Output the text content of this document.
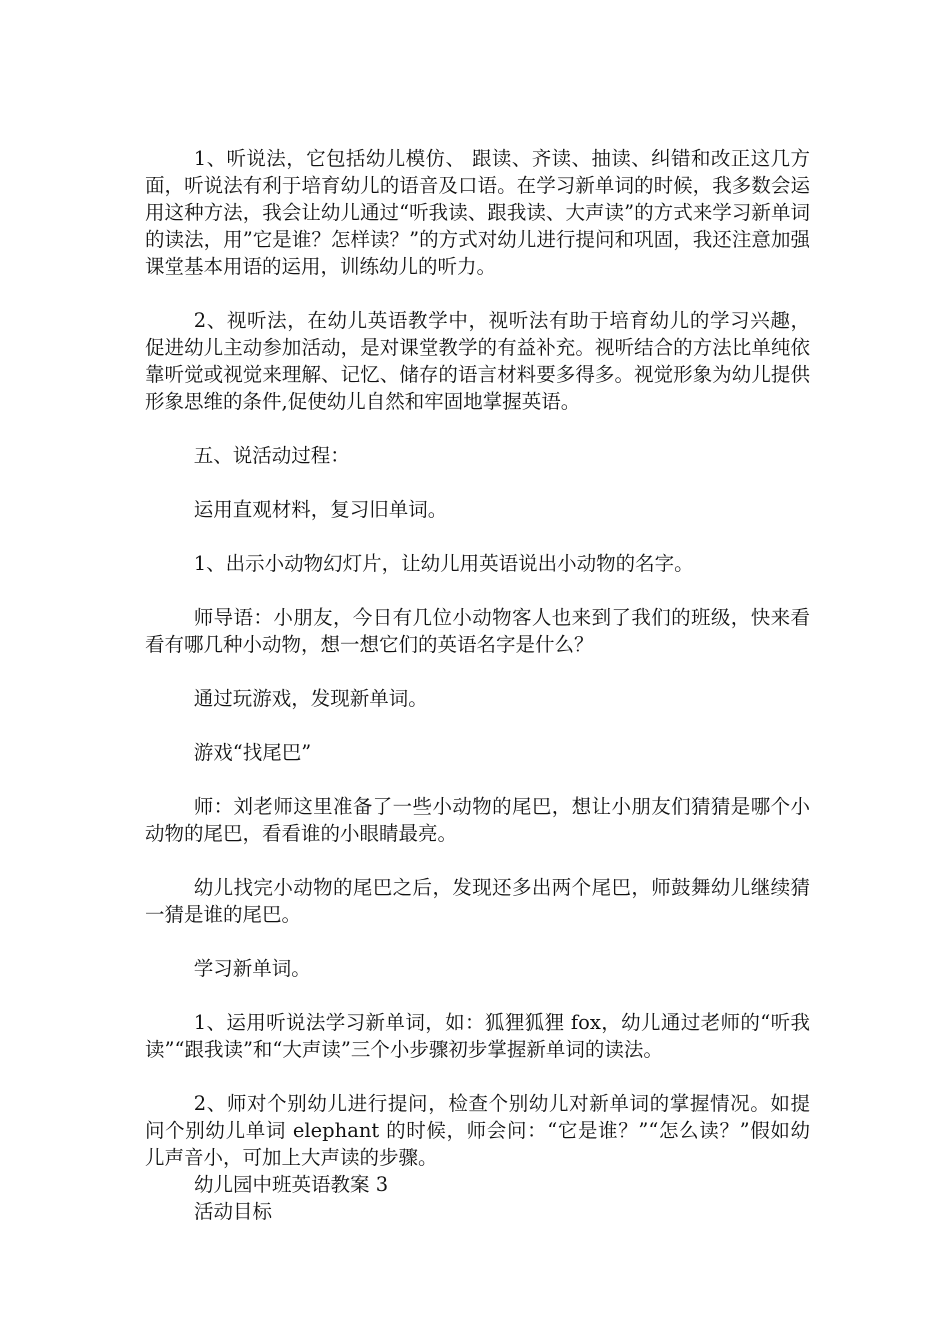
1、听说法，它包括幼儿模仿、 跟读、齐读、抽读、纠错和改正这几方面，听说法有利于培育幼儿的语音及口语。在学习新单词的时候，我多数会运用这种方法，我会让幼儿通过“听我读、跟我读、大声读”的方式来学习新单词的读法，用”它是谁？怎样读？”的方式对幼儿进行提问和巩固，我还注意加强课堂基本用语的运用，训练幼儿的听力。

2、视听法，在幼儿英语教学中，视听法有助于培育幼儿的学习兴趣，促进幼儿主动参加活动，是对课堂教学的有益补充。视听结合的方法比单纯依靠听觉或视觉来理解、记忆、储存的语言材料要多得多。视觉形象为幼儿提供形象思维的条件,促使幼儿自然和牢固地掌握英语。

五、说活动过程：

运用直观材料，复习旧单词。

1、出示小动物幻灯片，让幼儿用英语说出小动物的名字。

师导语：小朋友，今日有几位小动物客人也来到了我们的班级，快来看看有哪几种小动物，想一想它们的英语名字是什么？

通过玩游戏，发现新单词。

游戏“找尾巴”

师：刘老师这里准备了一些小动物的尾巴，想让小朋友们猜猜是哪个小动物的尾巴，看看谁的小眼睛最亮。

幼儿找完小动物的尾巴之后，发现还多出两个尾巴，师鼓舞幼儿继续猜一猜是谁的尾巴。

学习新单词。

1、运用听说法学习新单词，如：狐狸狐狸 fox，幼儿通过老师的“听我读”“跟我读”和“大声读”三个小步骤初步掌握新单词的读法。

2、师对个别幼儿进行提问，检查个别幼儿对新单词的掌握情况。如提问个别幼儿单词 elephant 的时候，师会问：“它是谁？”“怎么读？”假如幼儿声音小，可加上大声读的步骤。

幼儿园中班英语教案 3

活动目标
